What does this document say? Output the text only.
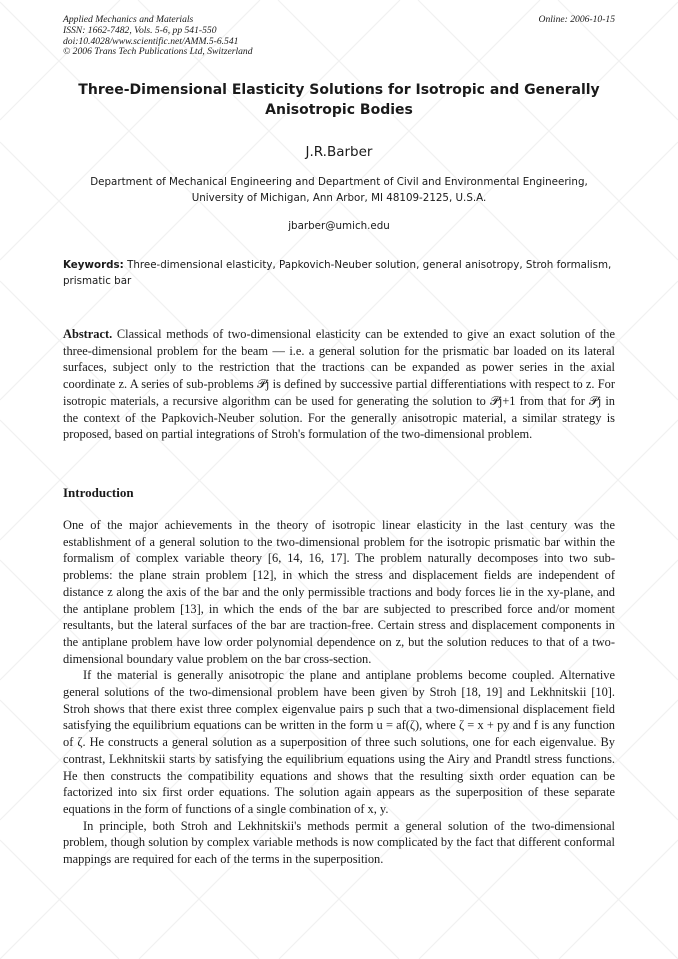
Applied Mechanics and Materials
ISSN: 1662-7482, Vols. 5-6, pp 541-550
doi:10.4028/www.scientific.net/AMM.5-6.541
© 2006 Trans Tech Publications Ltd, Switzerland
Online: 2006-10-15
Three-Dimensional Elasticity Solutions for Isotropic and Generally
Anisotropic Bodies
J.R.Barber
Department of Mechanical Engineering and Department of Civil and Environmental Engineering,
University of Michigan, Ann Arbor, MI 48109-2125, U.S.A.
jbarber@umich.edu
Keywords: Three-dimensional elasticity, Papkovich-Neuber solution, general anisotropy, Stroh formalism, prismatic bar
Abstract. Classical methods of two-dimensional elasticity can be extended to give an exact solution of the three-dimensional problem for the beam — i.e. a general solution for the prismatic bar loaded on its lateral surfaces, subject only to the restriction that the tractions can be expanded as power series in the axial coordinate z. A series of sub-problems 𝒫j is defined by successive partial differentiations with respect to z. For isotropic materials, a recursive algorithm can be used for generating the solution to 𝒫j+1 from that for 𝒫j in the context of the Papkovich-Neuber solution. For the generally anisotropic material, a similar strategy is proposed, based on partial integrations of Stroh's formulation of the two-dimensional problem.
Introduction

One of the major achievements in the theory of isotropic linear elasticity in the last century was the establishment of a general solution to the two-dimensional problem for the isotropic prismatic bar within the formalism of complex variable theory [6, 14, 16, 17]. The problem naturally decomposes into two sub-problems: the plane strain problem [12], in which the stress and displacement fields are independent of distance z along the axis of the bar and the only permissible tractions and body forces lie in the xy-plane, and the antiplane problem [13], in which the ends of the bar are subjected to prescribed force and/or moment resultants, but the lateral surfaces of the bar are traction-free. Certain stress and displacement components in the antiplane problem have low order polynomial dependence on z, but the solution reduces to that of a two-dimensional boundary value problem on the bar cross-section.

If the material is generally anisotropic the plane and antiplane problems become coupled. Alternative general solutions of the two-dimensional problem have been given by Stroh [18, 19] and Lekhnitskii [10]. Stroh shows that there exist three complex eigenvalue pairs p such that a two-dimensional displacement field satisfying the equilibrium equations can be written in the form u = af(ζ), where ζ = x + py and f is any function of ζ. He constructs a general solution as a superposition of three such solutions, one for each eigenvalue. By contrast, Lekhnitskii starts by satisfying the equilibrium equations using the Airy and Prandtl stress functions. He then constructs the compatibility equations and shows that the resulting sixth order equation can be factorized into six first order equations. The solution again appears as the superposition of these separate equations in the form of functions of a single combination of x, y.

In principle, both Stroh and Lekhnitskii's methods permit a general solution of the two-dimensional problem, though solution by complex variable methods is now complicated by the fact that different conformal mappings are required for each of the terms in the superposition.
